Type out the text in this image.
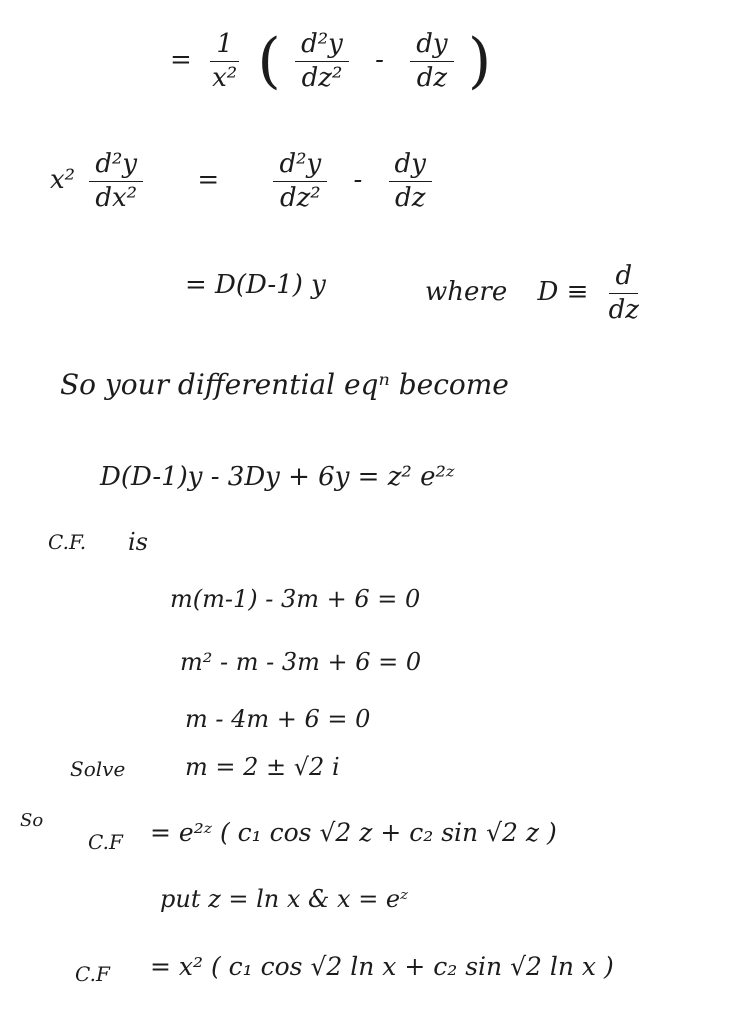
= $\frac{1}{\text{x²}}$ ( $\frac{\text{d²y}}{\text{dz²}} - \frac{dy}{dz}$ )
$x^2 \frac{\text{d²y}}{\text{dx²}} = \frac{\text{d²y}}{\text{dz²}} - \frac{dy}{dz}$
= D(D-1) y	where $D \equiv \frac{d}{dz}$
So your differential eqⁿ become
D(D-1)y - 3Dy + 6y = z² e²ᶻ
C.F. is
m(m-1) - 3m + 6 = 0
m² - m - 3m + 6 = 0
m - 4m + 6 = 0
Solve m = 2 ± √2 i
So
C.F = e²ᶻ ( c₁ cos √2 z + c₂ sin √2 z )
put z = ln x & x = eᶻ
C.F = x² ( c₁ cos √2 ln x + c₂ sin √2 ln x )
